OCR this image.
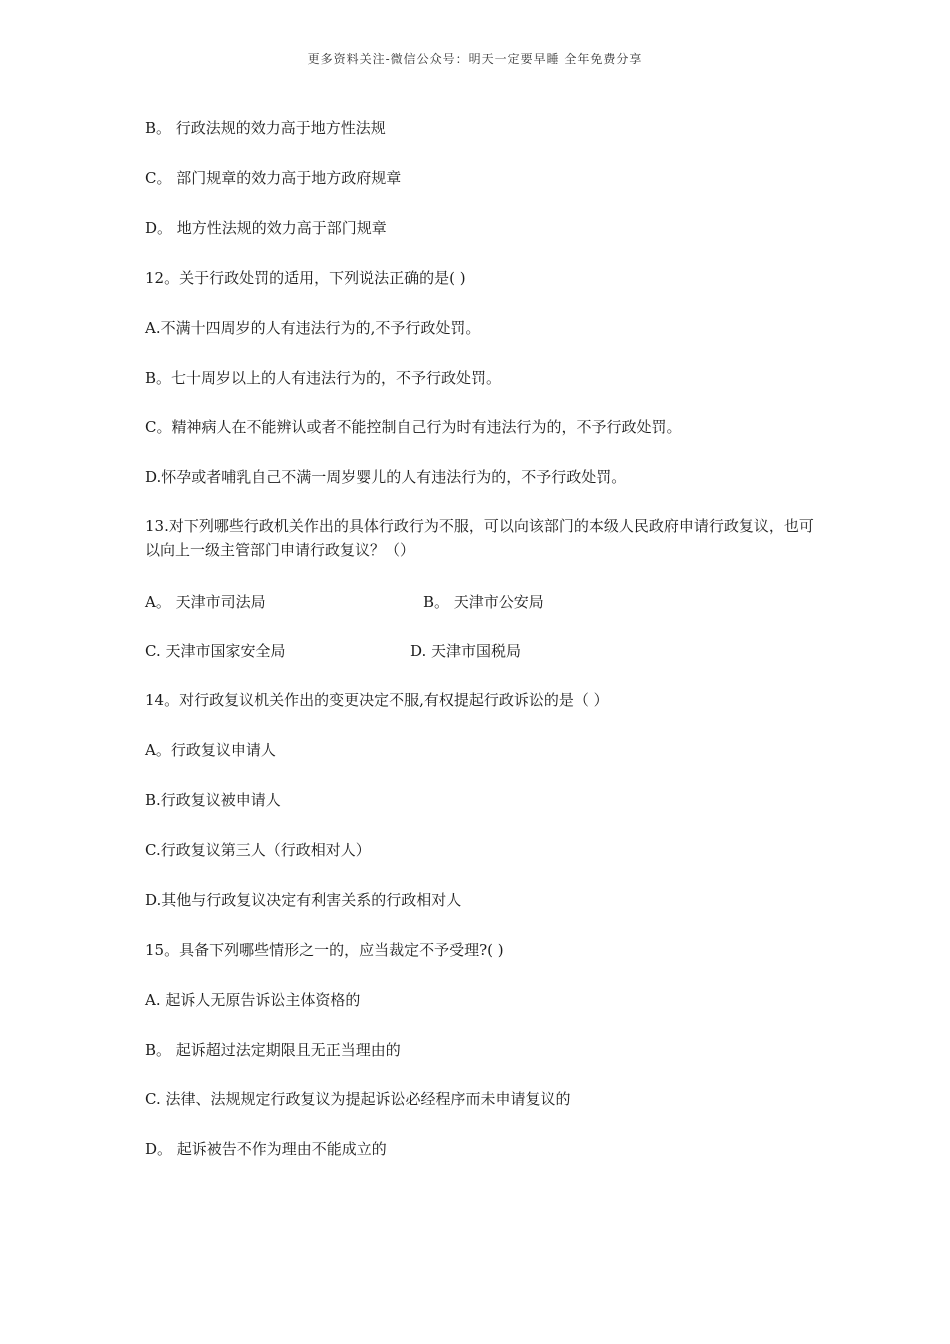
更多资料关注-微信公众号：明天一定要早睡 全年免费分享
B。 行政法规的效力高于地方性法规
C。 部门规章的效力高于地方政府规章
D。 地方性法规的效力高于部门规章
12。关于行政处罚的适用，下列说法正确的是( )
A.不满十四周岁的人有违法行为的,不予行政处罚。
B。七十周岁以上的人有违法行为的，不予行政处罚。
C。精神病人在不能辨认或者不能控制自己行为时有违法行为的，不予行政处罚。
D.怀孕或者哺乳自己不满一周岁婴儿的人有违法行为的，不予行政处罚。
13.对下列哪些行政机关作出的具体行政行为不服，可以向该部门的本级人民政府申请行政复议，也可以向上一级主管部门申请行政复议？（）
A。 天津市司法局	B。 天津市公安局
C. 天津市国家安全局	D. 天津市国税局
14。对行政复议机关作出的变更决定不服,有权提起行政诉讼的是（ ）
A。行政复议申请人
B.行政复议被申请人
C.行政复议第三人（行政相对人）
D.其他与行政复议决定有利害关系的行政相对人
15。具备下列哪些情形之一的，应当裁定不予受理?( )
A. 起诉人无原告诉讼主体资格的
B。 起诉超过法定期限且无正当理由的
C. 法律、法规规定行政复议为提起诉讼必经程序而未申请复议的
D。 起诉被告不作为理由不能成立的
